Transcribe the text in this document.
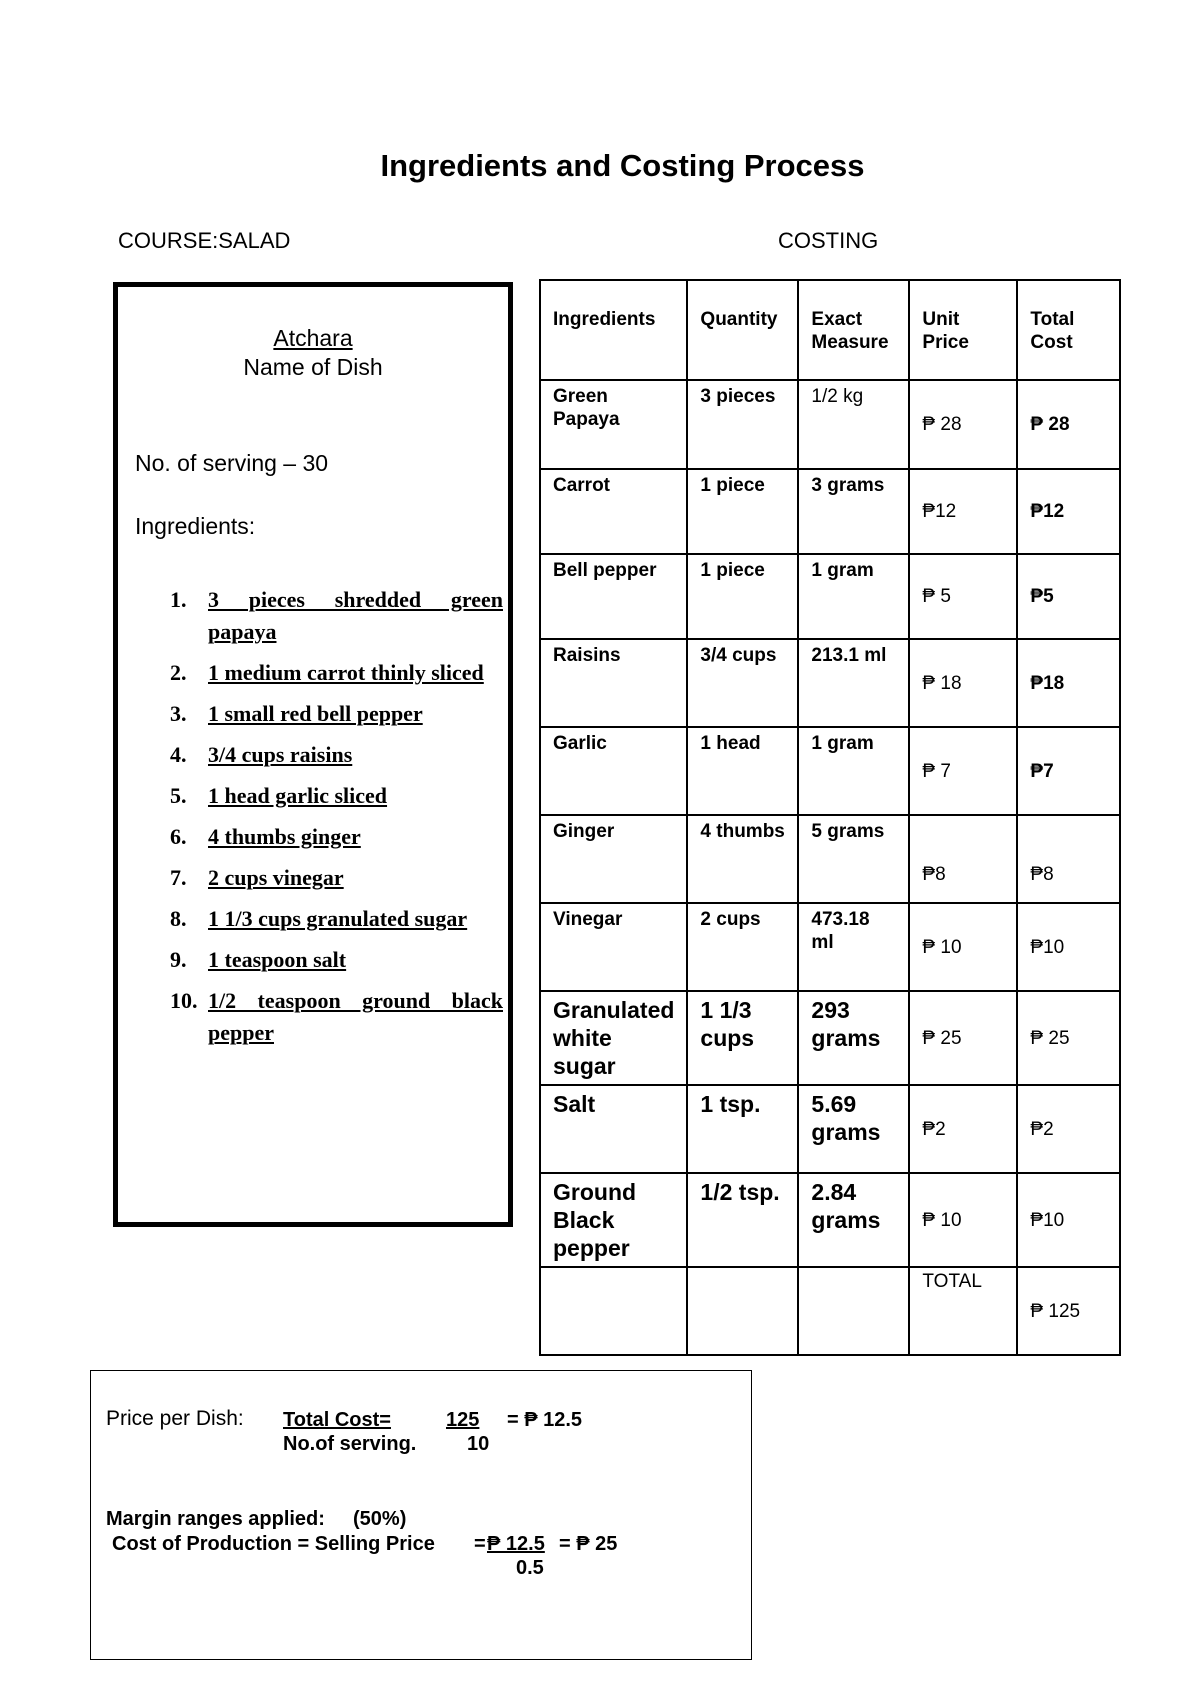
Ingredients and Costing Process
COURSE:SALAD	COSTING
Atchara
Name of Dish
No. of serving – 30
Ingredients:
1. 3 pieces shredded green papaya
2. 1 medium carrot thinly sliced
3. 1 small red bell pepper
4. 3/4 cups raisins
5. 1 head garlic sliced
6. 4 thumbs ginger
7. 2 cups vinegar
8. 1 1/3 cups granulated sugar
9. 1 teaspoon salt
10. 1/2 teaspoon ground black pepper
Ingredients	Quantity	Exact Measure	Unit Price	Total Cost
Green Papaya	3 pieces	1/2 kg	₱ 28	₱ 28
Carrot	1 piece	3 grams	₱12	₱12
Bell pepper	1 piece	1 gram	₱ 5	₱5
Raisins	3/4 cups	213.1 ml	₱ 18	₱18
Garlic	1 head	1 gram	₱ 7	₱7
Ginger	4 thumbs	5 grams	₱8	₱8
Vinegar	2 cups	473.18 ml	₱ 10	₱10
Granulated white sugar	1 1/3 cups	293 grams	₱ 25	₱ 25
Salt	1 tsp.	5.69 grams	₱2	₱2
Ground Black pepper	1/2 tsp.	2.84 grams	₱ 10	₱10
			TOTAL	₱ 125
Price per Dish: Total Cost=	125 = ₱ 12.5
No.of serving.	10
Margin ranges applied: (50%)
Cost of Production = Selling Price = ₱ 12.5 = ₱ 25
0.5
